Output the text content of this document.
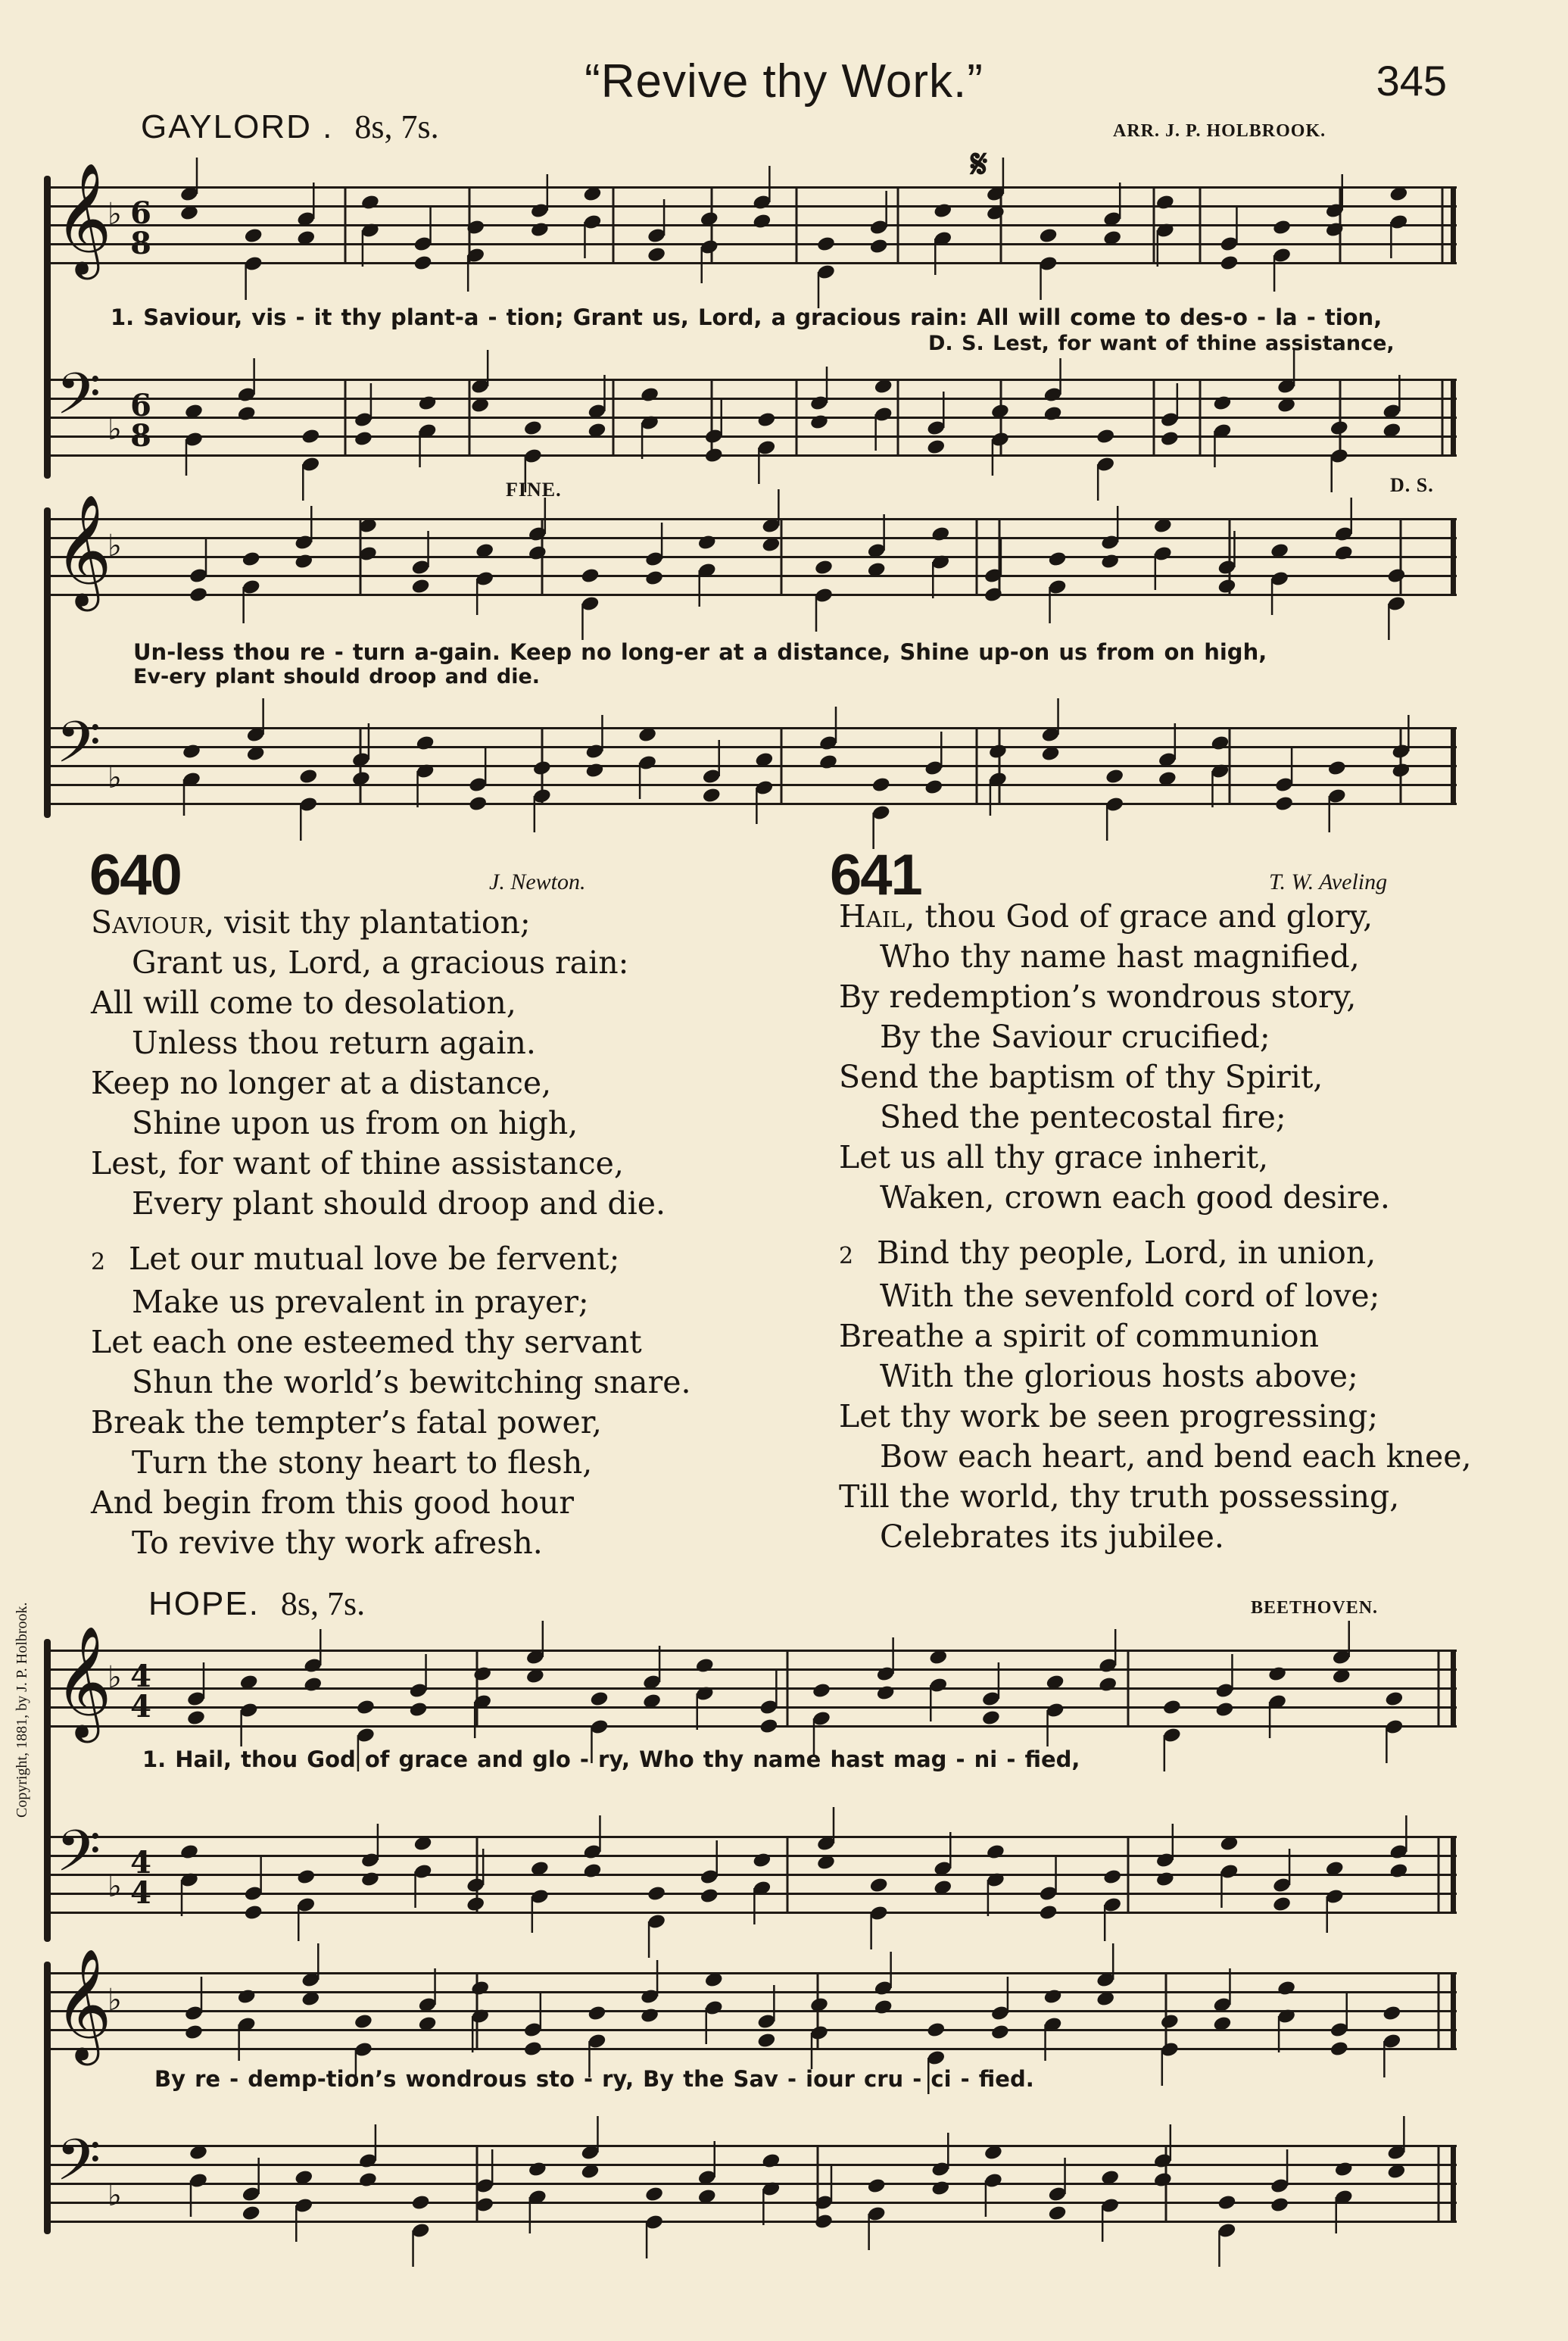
“Revive thy Work.”	345
GAYLORD . 8s, 7s.	ARR. J. P. HOLBROOK.
𝄋
𝄞
♭ 6
8
𝄢 ♭
6
8
1. Saviour, vis - it thy plant-a - tion; Grant us, Lord, a gracious rain: All will come to des-o - la - tion,
D. S. Lest, for want of thine assistance,
FINE.	D. S.
𝄞
♭
𝄢 ♭
Un-less thou re - turn a-gain. Keep no long-er at a distance, Shine up-on us from on high,
Ev-ery plant should droop and die.
640	J. Newton.
Saviour, visit thy plantation;
Grant us, Lord, a gracious rain:
All will come to desolation,
Unless thou return again.
Keep no longer at a distance,
Shine upon us from on high,
Lest, for want of thine assistance,
Every plant should droop and die.
2 Let our mutual love be fervent;
Make us prevalent in prayer;
Let each one esteemed thy servant
Shun the world’s bewitching snare.
Break the tempter’s fatal power,
Turn the stony heart to flesh,
And begin from this good hour
To revive thy work afresh.
641	T. W. Aveling
Hail, thou God of grace and glory,
Who thy name hast magnified,
By redemption’s wondrous story,
By the Saviour crucified;
Send the baptism of thy Spirit,
Shed the pentecostal fire;
Let us all thy grace inherit,
Waken, crown each good desire.
2 Bind thy people, Lord, in union,
With the sevenfold cord of love;
Breathe a spirit of communion
With the glorious hosts above;
Let thy work be seen progressing;
Bow each heart, and bend each knee,
Till the world, thy truth possessing,
Celebrates its jubilee.
HOPE. 8s, 7s.	BEETHOVEN.
𝄞
♭ 4
4
𝄢 ♭
4
4
1. Hail, thou God of grace and glo - ry, Who thy name hast mag - ni - fied,
𝄞
♭
𝄢 ♭
By re - demp-tion’s wondrous sto - ry, By the Sav - iour cru - ci - fied.
Copyright, 1881, by J. P. Holbrook.
